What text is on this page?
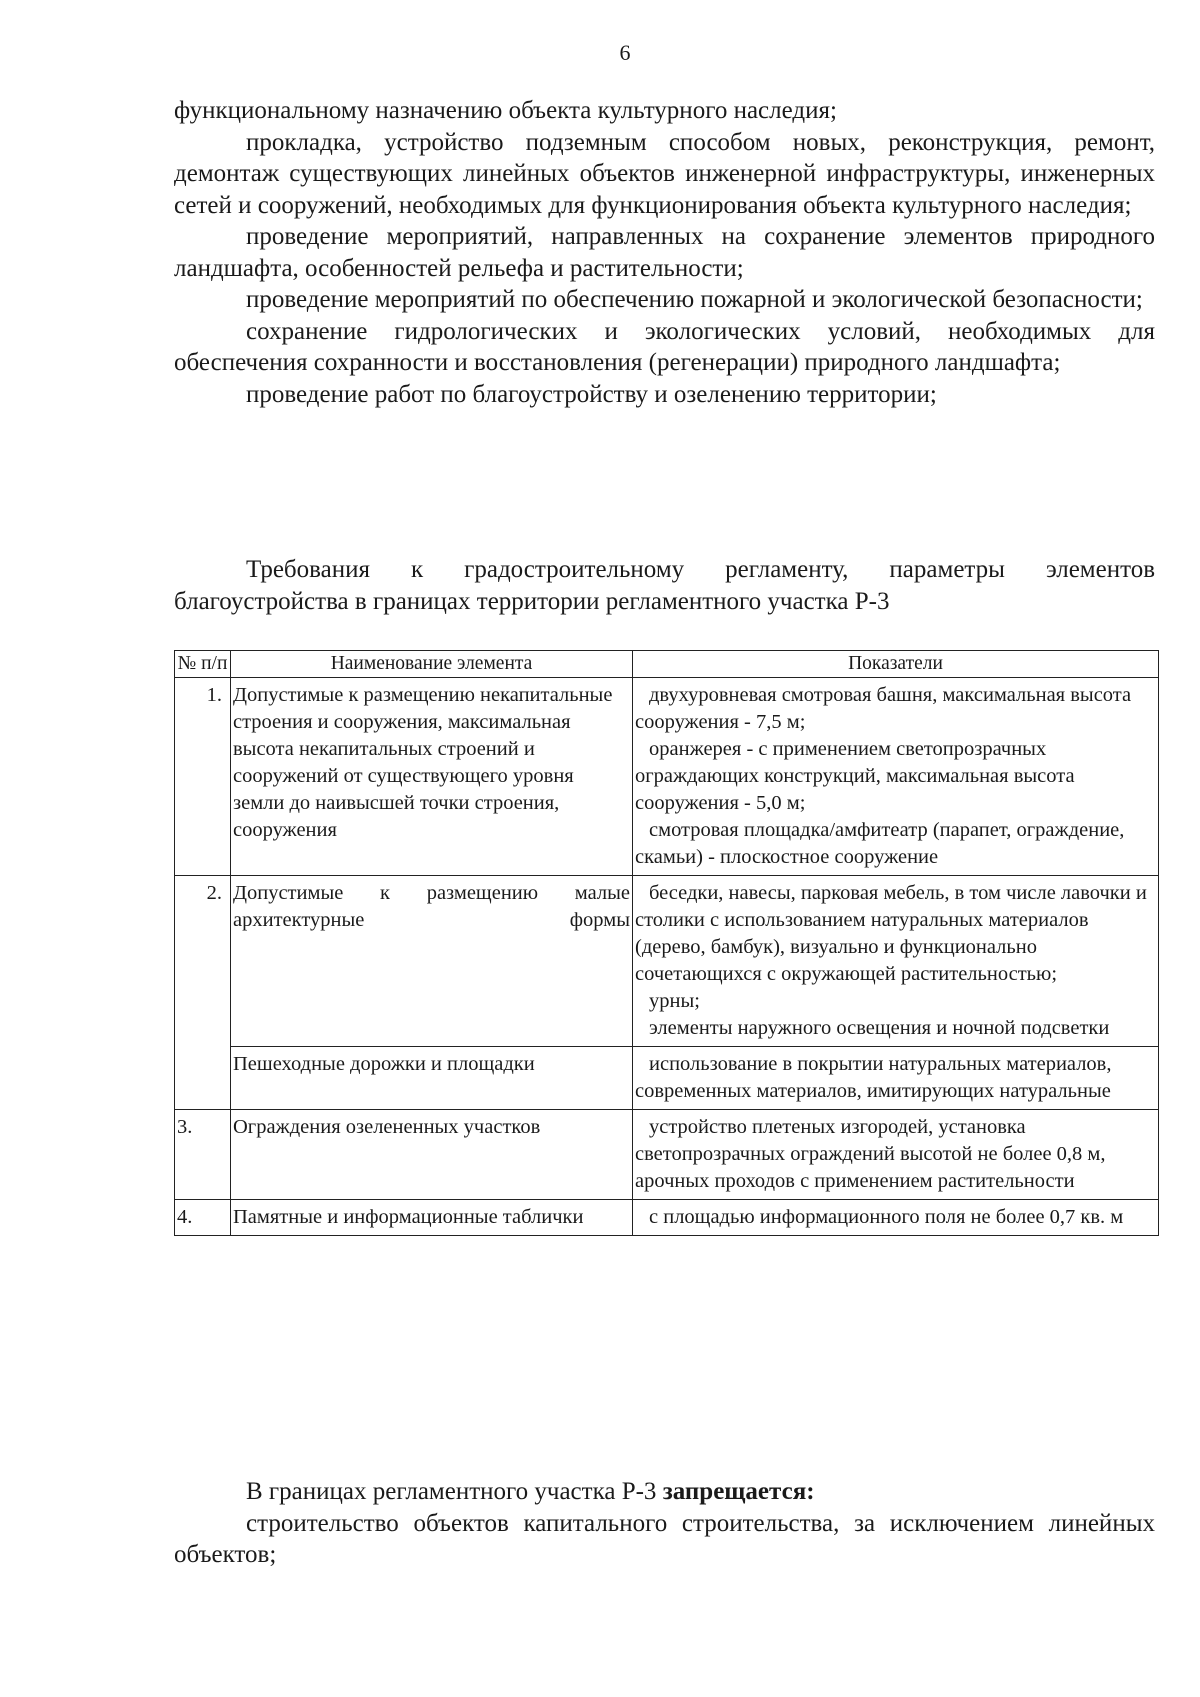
6

функциональному назначению объекта культурного наследия;

прокладка, устройство подземным способом новых, реконструкция, ремонт, демонтаж существующих линейных объектов инженерной инфраструктуры, инженерных сетей и сооружений, необходимых для функционирования объекта культурного наследия;

проведение мероприятий, направленных на сохранение элементов природного ландшафта, особенностей рельефа и растительности;

проведение мероприятий по обеспечению пожарной и экологической безопасности;

сохранение гидрологических и экологических условий, необходимых для обеспечения сохранности и восстановления (регенерации) природного ландшафта;

проведение работ по благоустройству и озеленению территории;

Требования к градостроительному регламенту, параметры элементов благоустройства в границах территории регламентного участка Р-3

№ п/п	Наименование элемента	Показатели
1.	Допустимые к размещению некапитальные строения и сооружения, максимальная высота некапитальных строений и сооружений от существующего уровня земли до наивысшей точки строения, сооружения	двухуровневая смотровая башня, максимальная высота сооружения - 7,5 м;
оранжерея - с применением светопрозрачных ограждающих конструкций, максимальная высота сооружения - 5,0 м;
смотровая площадка/амфитеатр (парапет, ограждение, скамьи) - плоскостное сооружение

2.	Допустимые к размещению малые архитектурные формы	беседки, навесы, парковая мебель, в том числе лавочки и столики с использованием натуральных материалов (дерево, бамбук), визуально и функционально сочетающихся с окружающей растительностью;
урны;
элементы наружного освещения и ночной подсветки

	Пешеходные дорожки и площадки	использование в покрытии натуральных материалов, современных материалов, имитирующих натуральные

3.	Ограждения озелененных участков	устройство плетеных изгородей, установка светопрозрачных ограждений высотой не более 0,8 м, арочных проходов с применением растительности

4.	Памятные и информационные таблички	с площадью информационного поля не более 0,7 кв. м

В границах регламентного участка Р-3 запрещается:

строительство объектов капитального строительства, за исключением линейных объектов;
